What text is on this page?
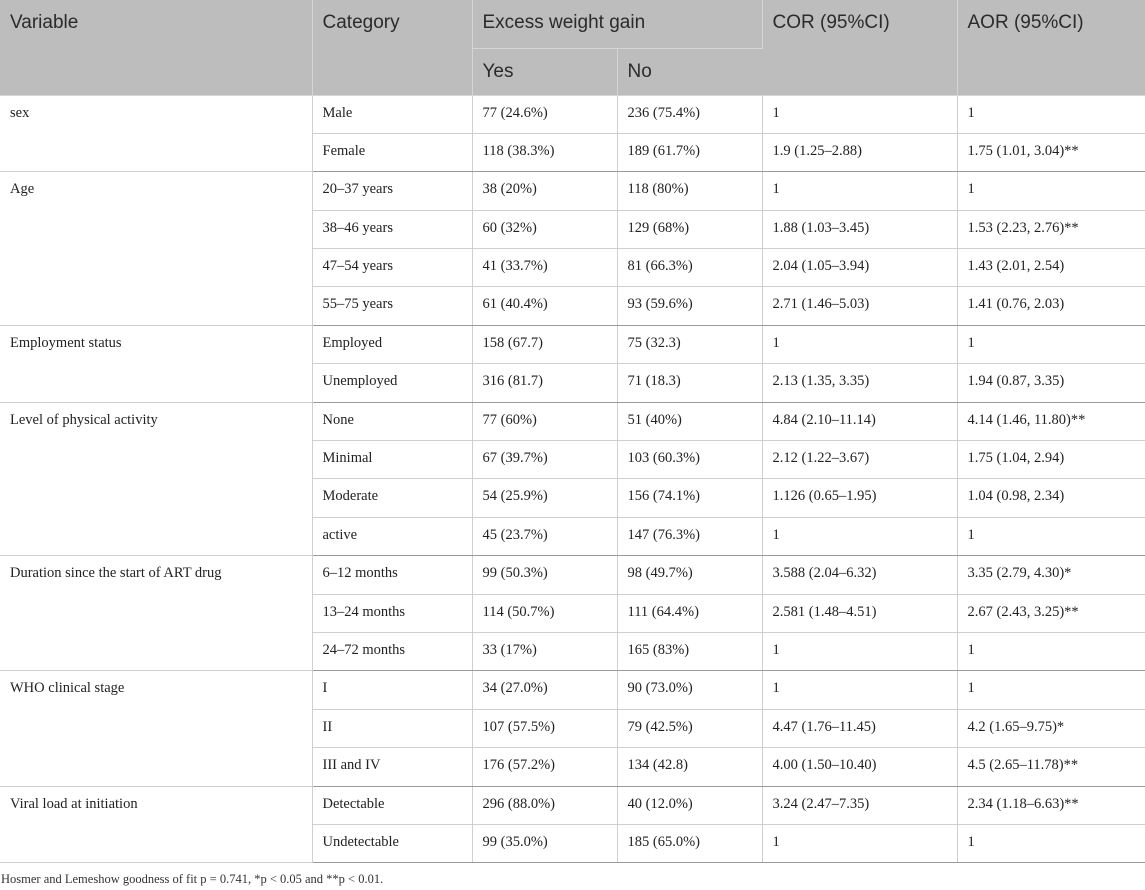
Variable	Category	Excess weight gain		COR (95%CI)	AOR (95%CI)
		Yes	No		
sex	Male	77 (24.6%)	236 (75.4%)	1	1
	Female	118 (38.3%)	189 (61.7%)	1.9 (1.25–2.88)	1.75 (1.01, 3.04)**
Age	20–37 years	38 (20%)	118 (80%)	1	1
	38–46 years	60 (32%)	129 (68%)	1.88 (1.03–3.45)	1.53 (2.23, 2.76)**
	47–54 years	41 (33.7%)	81 (66.3%)	2.04 (1.05–3.94)	1.43 (2.01, 2.54)
	55–75 years	61 (40.4%)	93 (59.6%)	2.71 (1.46–5.03)	1.41 (0.76, 2.03)
Employment status	Employed	158 (67.7)	75 (32.3)	1	1
	Unemployed	316 (81.7)	71 (18.3)	2.13 (1.35, 3.35)	1.94 (0.87, 3.35)
Level of physical activity	None	77 (60%)	51 (40%)	4.84 (2.10–11.14)	4.14 (1.46, 11.80)**
	Minimal	67 (39.7%)	103 (60.3%)	2.12 (1.22–3.67)	1.75 (1.04, 2.94)
	Moderate	54 (25.9%)	156 (74.1%)	1.126 (0.65–1.95)	1.04 (0.98, 2.34)
	active	45 (23.7%)	147 (76.3%)	1	1
Duration since the start of ART drug	6–12 months	99 (50.3%)	98 (49.7%)	3.588 (2.04–6.32)	3.35 (2.79, 4.30)*
	13–24 months	114 (50.7%)	111 (64.4%)	2.581 (1.48–4.51)	2.67 (2.43, 3.25)**
	24–72 months	33 (17%)	165 (83%)	1	1
WHO clinical stage	I	34 (27.0%)	90 (73.0%)	1	1
	II	107 (57.5%)	79 (42.5%)	4.47 (1.76–11.45)	4.2 (1.65–9.75)*
	III and IV	176 (57.2%)	134 (42.8)	4.00 (1.50–10.40)	4.5 (2.65–11.78)**
Viral load at initiation	Detectable	296 (88.0%)	40 (12.0%)	3.24 (2.47–7.35)	2.34 (1.18–6.63)**
	Undetectable	99 (35.0%)	185 (65.0%)	1	1
Hosmer and Lemeshow goodness of fit p = 0.741, *p < 0.05 and **p < 0.01.
